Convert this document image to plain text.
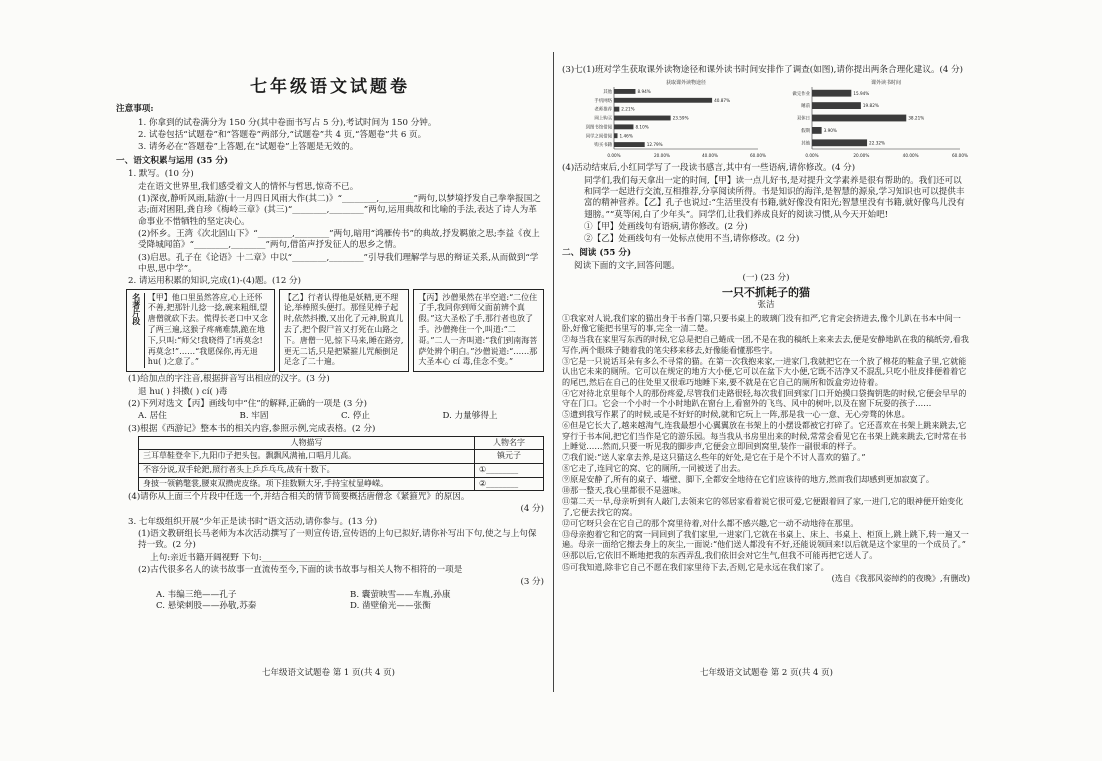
七年级语文试题卷
注意事项:
1. 你拿到的试卷满分为 150 分(其中卷面书写占 5 分),考试时间为 150 分钟。
2. 试卷包括“试题卷”和“答题卷”两部分,“试题卷”共 4 页,“答题卷”共 6 页。
3. 请务必在“答题卷”上答题,在“试题卷”上答题是无效的。
一、语文积累与运用 (35 分)
1. 默写。(10 分)
走在语文世界里,我们感受着文人的情怀与哲思,惊奇不已。
(1)深夜,静听风雨,陆游(十一月四日风雨大作(其二)》“________,________”两句,以梦境抒发自己拳拳报国之志;面对困阻,龚自珍《梅岭三章》(其三)“________,________”两句,运用典故和比喻的手法,表达了诗人为革命事业不惜牺牲的坚定决心。
(2)怀乡。王湾《次北固山下》“________,________”两句,暗用“鸿雁传书”的典故,抒发羁旅之思;李益《夜上受降城闻笛》“________,________”两句,借笛声抒发征人的思乡之情。
(3)启思。孔子在《论语》十二章》中以“________,________”引导我们理解学与思的辩证关系,从而做到“学中思,思中学”。
2. 请运用积累的知识,完成(1)-(4)题。(12 分)
名著片段 【甲】他口里虽然答应,心上还怀不善,把那针儿捻一捻,碗来粗细,望唐僧就砍下去。慌得长老口中又念了两三遍,这猴子疼痛难禁,跪在地下,只叫:“师父!我晓得了!再莫念!再莫念!”……“我愿保你,再无退 hu( )之意了。”
【乙】行者认得他是妖精,更不理论,举棒照头便打。那怪见棒子起时,依然抖擞,又出化了元神,脱真儿去了,把个假尸首又打死在山路之下。唐僧一见,惊下马来,睡在路旁,更无二话,只是把紧箍儿咒颠倒足足念了二十遍。
【丙】沙僧果然在半空道:“二位住了手,我同你到师父面前辨个真假。”这大圣松了手,那行者也放了手。沙僧搀住一个,叫道:“二哥。”二人一齐叫道:“我们到南海菩萨处辨个明白。”沙僧说道:“……那大圣本心 cí 毒,佳念不变。”
(1)给加点的字注音,根据拼音写出相应的汉字。(3 分)
退 hu( ) 抖擞( ) cí( )毒
(2)下列对选文【丙】画线句中“住”的解释,正确的一项是 (3 分)
A. 居住	B. 牢固	C. 停止	D. 力量够得上
(3)根据《西游记》整本书的相关内容,参照示例,完成表格。(2 分)
人物描写	人物名字
三耳草鞋登伞下,九阳巾子把头包。飘飘风满袖,口唱月儿高。	镇元子
不容分说,双手轮鈀,照行者头上乒乒乓乓,战有十数下。	①________
身披一领鹤氅裳,腰束双攒虎皮绦。项下挂数颗大牙,手持宝杖显峥嵘。	②________
(4)请你从上面三个片段中任选一个,并结合相关的情节简要概括唐僧念《紧箍咒》的原因。
(4 分)
3. 七年级组织开展“少年正是读书时”语文活动,请你参与。(13 分)
(1)语文教研组长马老师为本次活动撰写了一则宣传语,宣传语的上句已拟好,请你补写出下句,使之与上句保持一致。(2 分)
上句:亲近书籍开阔视野 下句:________________
(2)古代很多名人的读书故事一直流传至今,下面的读书故事与相关人物不相符的一项是
(3 分)
A. 韦编三绝——孔子	B. 囊萤映雪——车胤,孙康
C. 悬梁刺股——孙敬,苏秦	D. 凿壁偷光——张衡
七年级语文试题卷 第 1 页(共 4 页)
(3)七(1)班对学生获取课外读物途径和课外读书时间安排作了调查(如图),请你提出两条合理化建议。(4 分)
获取课外读物途径
0.00%	20.00%	40.00%	60.00%
其他	8.94%
手机网络	40.87%
老师推荐 2.21%
网上购买	23.59%
到图书馆借阅	8.10%
同学之间借阅 1.46%
购买书籍	12.79%
课外读书时间
0.00%	20.00%	40.00%	60.00%
做完作业	15.94%
睡前	19.82%
双休日	38.21%
假期	3.90%
其他	22.32%
(4)活动结束后,小红同学写了一段读书感言,其中有一些语病,请你修改。(4 分)
同学们,我们每天拿出一定的时间,【甲】读一点儿好书,是对提升文学素养是很有帮助的。我们还可以和同学一起进行交流,互相推荐,分享阅读所得。书是知识的海洋,是智慧的源泉,学习知识也可以提供丰富的精神营养。【乙】孔子也说过:“生活里没有书籍,就好像没有阳光;智慧里没有书籍,就好像鸟儿没有翅膀。”“莫等闲,白了少年头”。同学们,让我们养成良好的阅读习惯,从今天开始吧!
①【甲】处画线句有语病,请你修改。(2 分)
②【乙】处画线句有一处标点使用不当,请你修改。(2 分)
二、阅读 (55 分)
阅读下面的文字,回答问题。
(一) (23 分)
一只不抓耗子的猫
张洁
①我家对人说,我们家的猫出身于书香门第,只要书桌上的玻璃门没有扣严,它肯定会挤进去,像个儿趴在书本中间一卧,好像它能把书里写的事,完全一清二楚。
②每当我在家里写东西的时候,它总是把自己蜷成一团,不是在我的稿纸上来来去去,便是安静地趴在我的稿纸旁,看我写作,两个眼珠子随着我的笔尖移来移去,好像能看懂那些字。
③它是一只说话耳朵有多么不寻常的猫。在第一次我抱来家,一进家门,我就把它在一个放了棉花的鞋盒子里,它就能认出它未来的厕所。它可以在规定的地方大小便,它可以在盆下大小便,它既不洁净又不混乱,只吃小肚皮排便着着它的尾巴,然后在自己的住处里又很乖巧地睡下来,要不就是在它自己的厕所和饭盒旁边待着。
④它对待北京里每个人的那份疼爱,尽管我们走路很轻,每次我们回到家门口开始摸口袋掏钥匙的时候,它便会早早的守在门口。它会一个小时一个小时地趴在窗台上,看窗外的飞鸟、风中的树叶,以及在窗下玩耍的孩子……
⑤遗到我写作累了的时候,或是不好好的时候,就和它玩上一阵,那是我一心一意、无心旁骛的休息。
⑥但是它长大了,越来越淘气,连我最想小心翼翼放在书架上的小摆设都被它打碎了。它还喜欢在书架上跳来跳去,它穿行于书本间,把它们当作是它的游乐园。每当我从书房里出来的时候,常常会看见它在书架上跳来跳去,它时常在书上睡觉……然而,只要一听见我的脚步声,它便会立即回到窝里,装作一副很乖的样子。
⑦我们说:“送人家拿去养,是这只猫这么些年的好处,是它在于是个不讨人喜欢的猫了。”
⑧它走了,连同它的窝、它的厕所,一同被送了出去。
⑨原是安静了,所有的桌子、墙壁、脚下,全都安全地待在它们应该待的地方,然而我们却感到更加寂寞了。
⑩那一整天,我心里都很不是滋味。
⑪第二天一早,母亲听到有人敲门,去领来它的邻居家看着说它很可爱,它便跟着回了家,一进门,它的眼神便开始变化了,它便去找它的窝。
⑫可它呀只会在它自己的那个窝里待着,对什么都不感兴趣,它一动不动地待在那里。
⑬母亲抱着它和它的窝一同回到了我们家里,一进家门,它就在书桌上、床上、书桌上、柜顶上,跳上跳下,转一遍又一遍。母亲一面给它擦去身上的灰尘,一面说:“他们送人都没有不好,还能说领回来!以后就是这个家里的一个成员了。”
⑭那以后,它依旧不断地把我的东西弄乱,我们依旧会对它生气,但我不可能再把它送人了。
⑮可我知道,除非它自己不愿在我们家里待下去,否则,它是永远在我们家了。
(选自《我那风姿绰约的夜晚》,有删改)
七年级语文试题卷 第 2 页(共 4 页)
